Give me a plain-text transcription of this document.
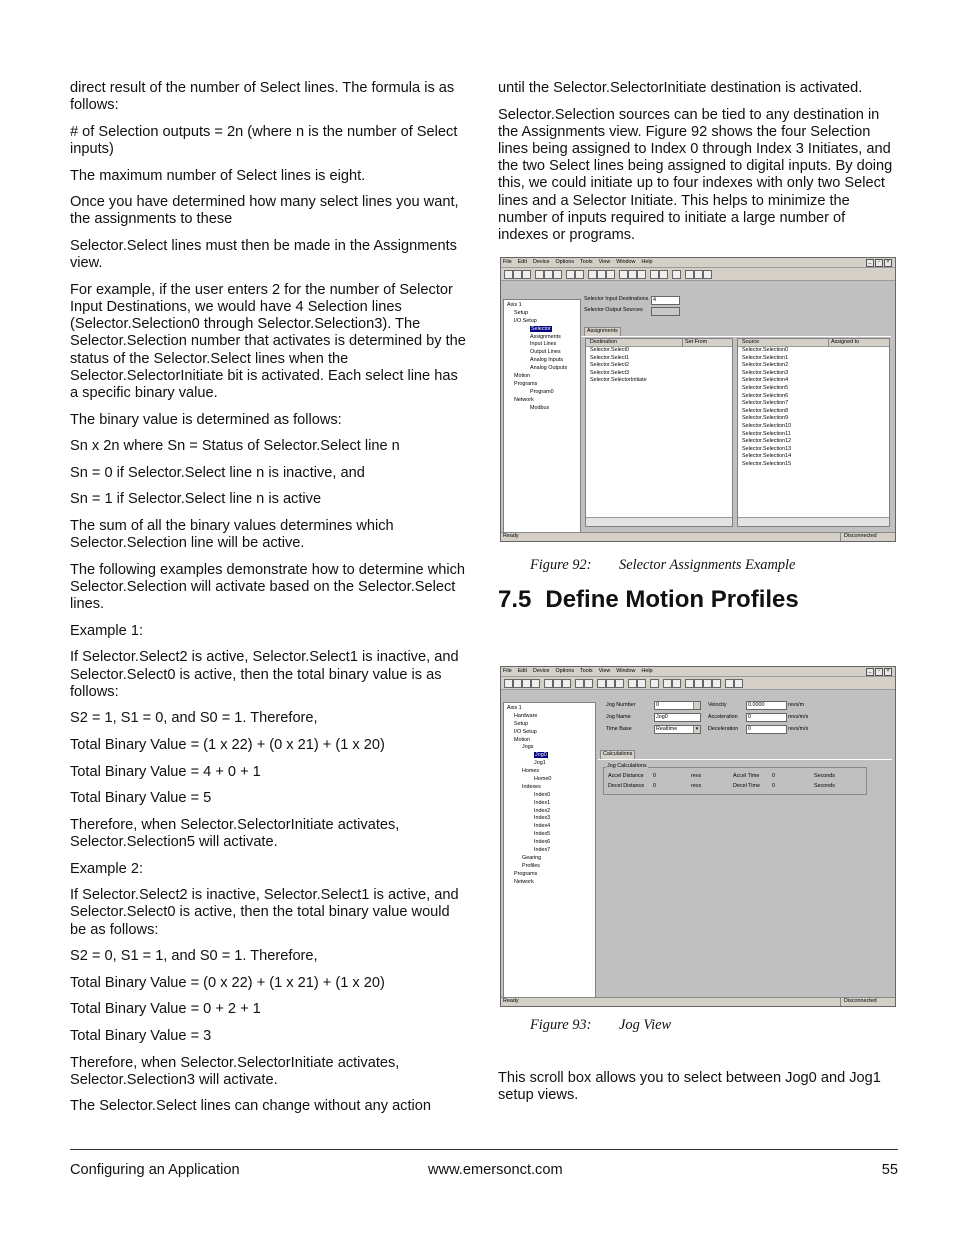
direct result of the number of Select lines. The formula is as follows:

# of Selection outputs = 2n (where n is the number of Select inputs)

The maximum number of Select lines is eight.

Once you have determined how many select lines you want, the assignments to these

Selector.Select lines must then be made in the Assignments view.

For example, if the user enters 2 for the number of Selector Input Destinations, we would have 4 Selection lines (Selector.Selection0 through Selector.Selection3). The Selector.Selection number that activates is determined by the status of the Selector.Select lines when the Selector.SelectorInitiate bit is activated. Each select line has a specific binary value.

The binary value is determined as follows:

Sn x 2n where Sn = Status of Selector.Select line n

Sn = 0 if Selector.Select line n is inactive, and

Sn = 1 if Selector.Select line n is active

The sum of all the binary values determines which Selector.Selection line will be active.

The following examples demonstrate how to determine which Selector.Selection will activate based on the Selector.Select lines.

Example 1:

If Selector.Select2 is active, Selector.Select1 is inactive, and Selector.Select0 is active, then the total binary value is as follows:

S2 = 1, S1 = 0, and S0 = 1. Therefore,

Total Binary Value = (1 x 22) + (0 x 21) + (1 x 20)

Total Binary Value = 4 + 0 + 1

Total Binary Value = 5

Therefore, when Selector.SelectorInitiate activates, Selector.Selection5 will activate.

Example 2:

If Selector.Select2 is inactive, Selector.Select1 is active, and Selector.Select0 is active, then the total binary value would be as follows:

S2 = 0, S1 = 1, and S0 = 1. Therefore,

Total Binary Value = (0 x 22) + (1 x 21) + (1 x 20)

Total Binary Value = 0 + 2 + 1

Total Binary Value = 3

Therefore, when Selector.SelectorInitiate activates, Selector.Selection3 will activate.

The Selector.Select lines can change without any action

until the Selector.SelectorInitiate destination is activated.

Selector.Selection sources can be tied to any destination in the Assignments view. Figure 92 shows the four Selection lines being assigned to Index 0 through Index 3 Initiates, and the two Select lines being assigned to digital inputs. By doing this, we could initiate up to four indexes with only two Select lines and a Selector Initiate. This helps to minimize the number of inputs required to initiate a large number of indexes or programs.

File Edit Device Options Tools View Window Help	_ ▫ ×
Axis 1
Setup
I/O Setup
Selector
Assignments
Input Lines
Output Lines
Analog Inputs
Analog Outputs
Motion
Programs
Program0
Network
Modbus
Selector Input Destinations 4
Selector Output Sources
Assignments
Destination	Set From
Selector.Select0
Selector.Select1
Selector.Select2
Selector.Select3
Selector.SelectorInitiate
Source	Assigned to
Selector.Selection0
Selector.Selection1
Selector.Selection2
Selector.Selection3
Selector.Selection4
Selector.Selection5
Selector.Selection6
Selector.Selection7
Selector.Selection8
Selector.Selection9
Selector.Selection10
Selector.Selection11
Selector.Selection12
Selector.Selection13
Selector.Selection14
Selector.Selection15
Ready	Disconnected
Figure 92: Selector Assignments Example
7.5 Define Motion Profiles
File Edit Device Options Tools View Window Help	_ ▫ ×
Axis 1
Hardware
Setup
I/O Setup
Motion
Jogs
Jog0
Jog1
Homes
Home0
Indexes
Index0
Index1
Index2
Index3
Index4
Index5
Index6
Index7
Gearing
Profiles
Programs
Network
Jog Number	0
Jog Name	Jog0
Time Base	Realtime	▾
Velocity	0.0000	revs/m
Acceleration	0	revs/m/s
Deceleration	0	revs/m/s
Calculations
Jog Calculations
Accel Distance 0	revs	Accel Time 0	Seconds
Decel Distance 0	revs	Decel Time 0	Seconds
Ready	Disconnected
Figure 93: Jog View
This scroll box allows you to select between Jog0 and Jog1 setup views.
Configuring an Application	www.emersonct.com	55
